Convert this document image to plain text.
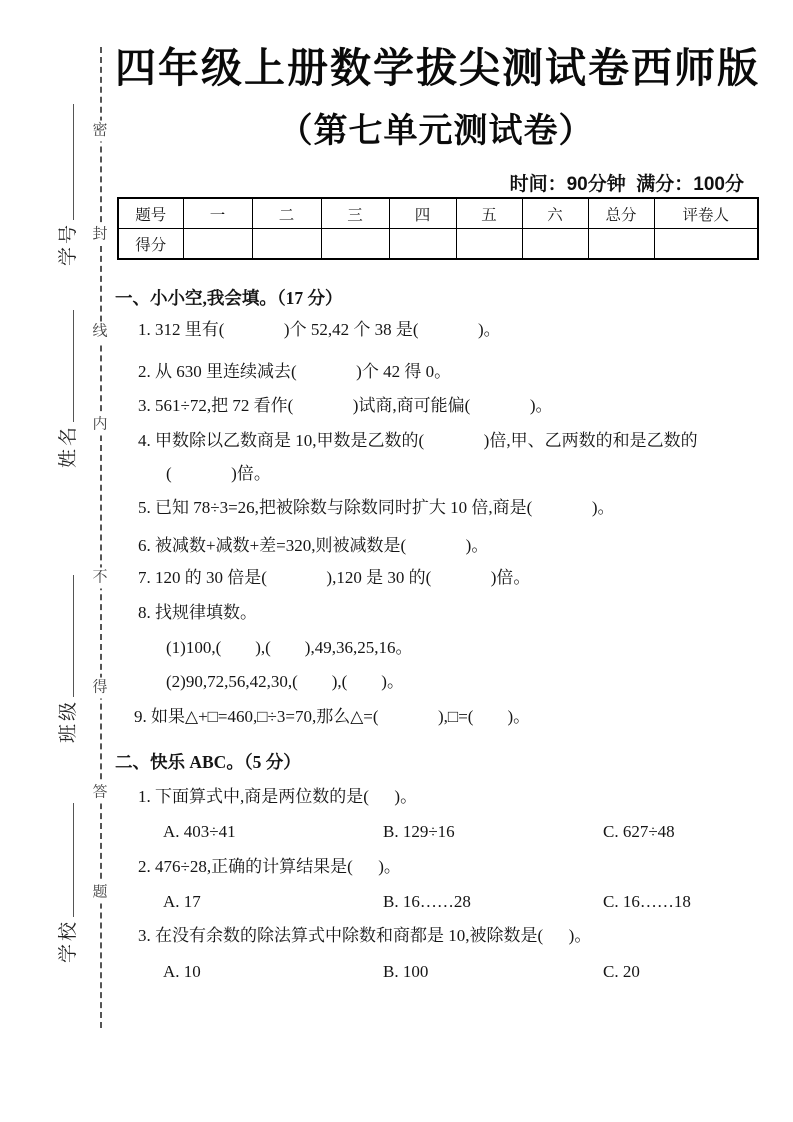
密
封
线
内
不
得
答
题
学号
姓名
班级
学校
四年级上册数学拔尖测试卷西师版
（第七单元测试卷）
时间：90分钟  满分：100分
题号	一	二	三	四	五	六	总分	评卷人
得分								
一、小小空,我会填。（17 分）
1. 312 里有(              )个 52,42 个 38 是(              )。
2. 从 630 里连续减去(              )个 42 得 0。
3. 561÷72,把 72 看作(              )试商,商可能偏(              )。
4. 甲数除以乙数商是 10,甲数是乙数的(              )倍,甲、乙两数的和是乙数的
(              )倍。
5. 已知 78÷3=26,把被除数与除数同时扩大 10 倍,商是(              )。
6. 被减数+减数+差=320,则被减数是(              )。
7. 120 的 30 倍是(              ),120 是 30 的(              )倍。
8. 找规律填数。
(1)100,(        ),(        ),49,36,25,16。
(2)90,72,56,42,30,(        ),(        )。
9. 如果△+□=460,□÷3=70,那么△=(              ),□=(        )。
二、快乐 ABC。（5 分）
1. 下面算式中,商是两位数的是(      )。
A. 403÷41	B. 129÷16	C. 627÷48
2. 476÷28,正确的计算结果是(      )。
A. 17	B. 16……28	C. 16……18
3. 在没有余数的除法算式中除数和商都是 10,被除数是(      )。
A. 10	B. 100	C. 20
